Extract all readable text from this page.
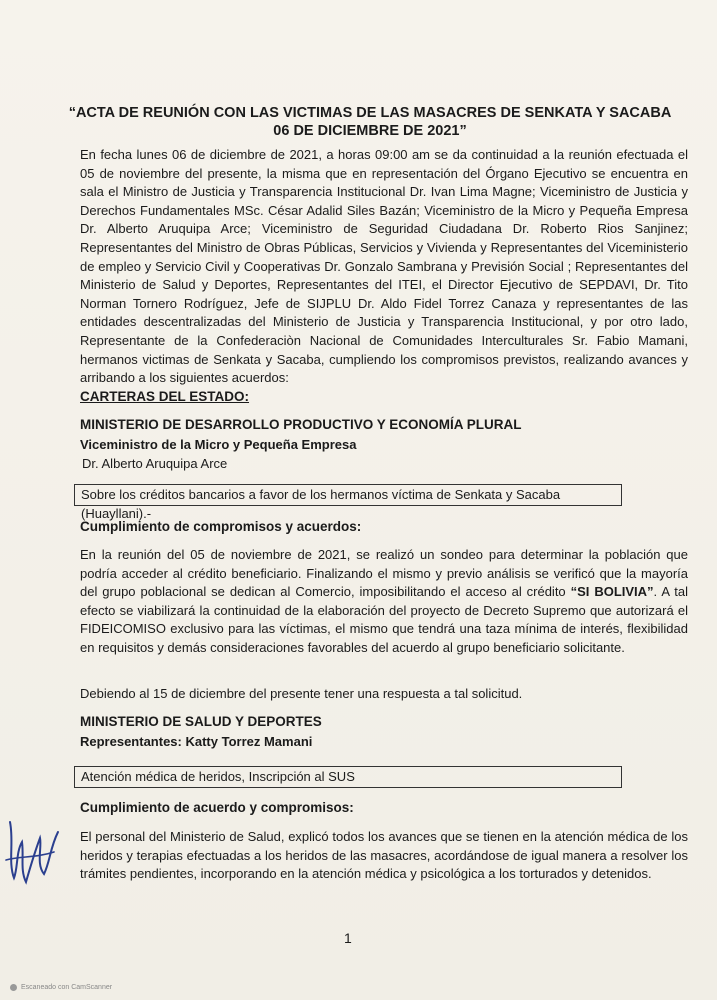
“ACTA DE REUNIÓN CON LAS VICTIMAS DE LAS MASACRES DE SENKATA Y SACABA
06 DE DICIEMBRE DE 2021”
En fecha lunes 06 de diciembre de 2021, a horas 09:00 am se da continuidad a la reunión efectuada el 05 de noviembre del presente, la misma que en representación del Órgano Ejecutivo se encuentra en sala el Ministro de Justicia y Transparencia Institucional Dr. Ivan Lima Magne; Viceministro de Justicia y Derechos Fundamentales MSc. César Adalid Siles Bazán; Viceministro de la Micro y Pequeña Empresa Dr. Alberto Aruquipa Arce; Viceministro de Seguridad Ciudadana Dr. Roberto Rios Sanjinez; Representantes del Ministro de Obras Públicas, Servicios y Vivienda y Representantes del Viceministerio de empleo y Servicio Civil y Cooperativas Dr. Gonzalo Sambrana y Previsión Social ; Representantes del Ministerio de Salud y Deportes, Representantes del ITEI, el Director Ejecutivo de SEPDAVI, Dr. Tito Norman Tornero Rodríguez, Jefe de SIJPLU Dr. Aldo Fidel Torrez Canaza y representantes de las entidades descentralizadas del Ministerio de Justicia y Transparencia Institucional, y por otro lado, Representante de la Confederaciòn Nacional de Comunidades Interculturales Sr. Fabio Mamani, hermanos victimas de Senkata y Sacaba, cumpliendo los compromisos previstos, realizando avances y arribando a los siguientes acuerdos:
CARTERAS DEL ESTADO:
MINISTERIO DE DESARROLLO PRODUCTIVO Y ECONOMÍA PLURAL
Viceministro de la Micro y Pequeña Empresa
Dr. Alberto Aruquipa Arce
Sobre los créditos bancarios a favor de los hermanos víctima de Senkata y Sacaba (Huayllani).-
Cumplimiento de compromisos y acuerdos:
En la reunión del 05 de noviembre de 2021, se realizó un sondeo para determinar la población que podría acceder al crédito beneficiario. Finalizando el mismo y previo análisis se verificó que la mayoría del grupo poblacional se dedican al Comercio, imposibilitando el acceso al crédito “SI BOLIVIA”. A tal efecto se viabilizará la continuidad de la elaboración del proyecto de Decreto Supremo que autorizará el FIDEICOMISO exclusivo para las víctimas, el mismo que tendrá una taza mínima de interés, flexibilidad en requisitos y demás consideraciones favorables del acuerdo al grupo beneficiario solicitante.
Debiendo al 15 de diciembre del presente tener una respuesta a tal solicitud.
MINISTERIO DE SALUD Y DEPORTES
Representantes: Katty Torrez Mamani
Atención médica de heridos, Inscripción al SUS
Cumplimiento de acuerdo y compromisos:
El personal del Ministerio de Salud, explicó todos los avances que se tienen en la atención médica de los heridos y terapias efectuadas a los heridos de las masacres, acordándose de igual manera a resolver los trámites pendientes, incorporando en la atención médica y psicológica a los torturados y detenidos.
1
Escaneado con CamScanner
